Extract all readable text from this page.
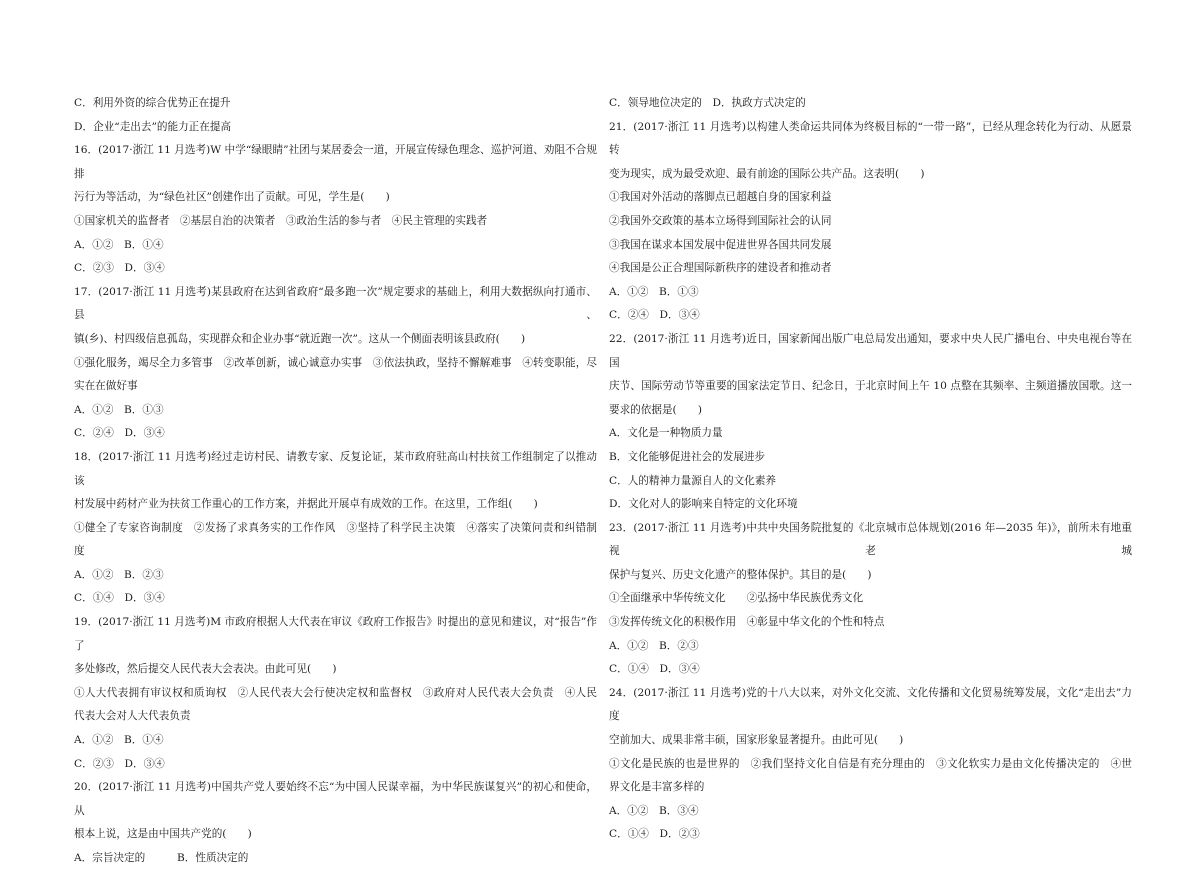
C．利用外资的综合优势正在提升
D．企业“走出去”的能力正在提高
16．(2017·浙江 11 月选考)W 中学“绿眼睛”社团与某居委会一道，开展宣传绿色理念、巡护河道、劝阻不合规排
污行为等活动，为“绿色社区”创建作出了贡献。可见，学生是(　　)
①国家机关的监督者　②基层自治的决策者　③政治生活的参与者　④民主管理的实践者
A．①②　B．①④
C．②③　D．③④
17．(2017·浙江 11 月选考)某县政府在达到省政府“最多跑一次”规定要求的基础上，利用大数据纵向打通市、县、
镇(乡)、村四级信息孤岛，实现群众和企业办事“就近跑一次”。这从一个侧面表明该县政府(　　)
①强化服务，竭尽全力多管事　②改革创新，诚心诚意办实事　③依法执政，坚持不懈解难事　④转变职能，尽
实在在做好事
A．①②　B．①③
C．②④　D．③④
18．(2017·浙江 11 月选考)经过走访村民、请教专家、反复论证，某市政府驻高山村扶贫工作组制定了以推动该
村发展中药材产业为扶贫工作重心的工作方案，并据此开展卓有成效的工作。在这里，工作组(　　)
①健全了专家咨询制度　②发扬了求真务实的工作作风　③坚持了科学民主决策　④落实了决策问责和纠错制
度
A．①②　B．②③
C．①④　D．③④
19．(2017·浙江 11 月选考)M 市政府根据人大代表在审议《政府工作报告》时提出的意见和建议，对“报告”作了
多处修改，然后提交人民代表大会表决。由此可见(　　)
①人大代表拥有审议权和质询权　②人民代表大会行使决定权和监督权　③政府对人民代表大会负责　④人民
代表大会对人大代表负责
A．①②　B．①④
C．②③　D．③④
20．(2017·浙江 11 月选考)中国共产党人要始终不忘“为中国人民谋幸福，为中华民族谋复兴”的初心和使命，从
根本上说，这是由中国共产党的(　　)
A．宗旨决定的　　　B．性质决定的
C．领导地位决定的　D．执政方式决定的
21．(2017·浙江 11 月选考)以构建人类命运共同体为终极目标的“一带一路”，已经从理念转化为行动、从愿景转
变为现实，成为最受欢迎、最有前途的国际公共产品。这表明(　　)
①我国对外活动的落脚点已超越自身的国家利益
②我国外交政策的基本立场得到国际社会的认同
③我国在谋求本国发展中促进世界各国共同发展
④我国是公正合理国际新秩序的建设者和推动者
A．①②　B．①③
C．②④　D．③④
22．(2017·浙江 11 月选考)近日，国家新闻出版广电总局发出通知，要求中央人民广播电台、中央电视台等在国
庆节、国际劳动节等重要的国家法定节日、纪念日，于北京时间上午 10 点整在其频率、主频道播放国歌。这一
要求的依据是(　　)
A．文化是一种物质力量
B．文化能够促进社会的发展进步
C．人的精神力量源自人的文化素养
D．文化对人的影响来自特定的文化环境
23．(2017·浙江 11 月选考)中共中央国务院批复的《北京城市总体规划(2016 年—2035 年)》，前所未有地重视老城
保护与复兴、历史文化遗产的整体保护。其目的是(　　)
①全面继承中华传统文化　　②弘扬中华民族优秀文化
③发挥传统文化的积极作用　④彰显中华文化的个性和特点
A．①②　B．②③
C．①④　D．③④
24．(2017·浙江 11 月选考)党的十八大以来，对外文化交流、文化传播和文化贸易统筹发展，文化“走出去”力度
空前加大、成果非常丰硕，国家形象显著提升。由此可见(　　)
①文化是民族的也是世界的　②我们坚持文化自信是有充分理由的　③文化软实力是由文化传播决定的　④世
界文化是丰富多样的
A．①②　B．③④
C．①④　D．②③
